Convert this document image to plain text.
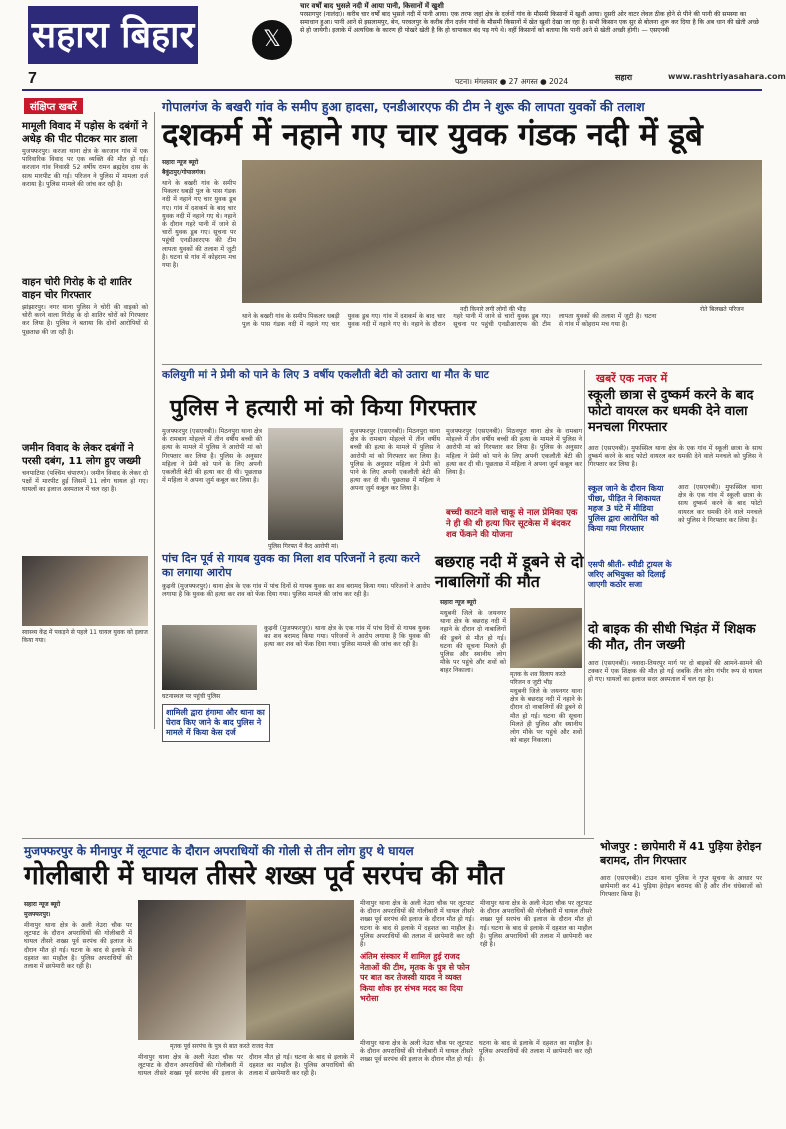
सहारा बिहार
7
𝕏
चार वर्षों बाद भुसले नदी में आया पानी, किसानों में खुशी
परसागपुर (नालंदा)। करीब चार वर्षों बाद भुसले नदी में पानी आया। एक तरफ जहां क्षेत्र के दर्जनों गांव के मौसमी किसानों में खुशी आया। दूसरी ओर वाटर लेवल ठीक होने से पीने की पानी की समस्या का समाधान हुआ। पानी आने से इसलामपुर, बेन, परवलपुर के करीब तीन दर्जन गांवों के मौसमी किसानों में खेत खुशी देखा जा रहा है। सभी किसान एक सुर से बोलना शुरू कर दिया है कि अब धान की खेती अच्छे से हो जायेगी। इलाके में अत्यधिक के कारण ही पोखरे खेती है कि हो चापाकल बंद पड़ गये थे। वहीं किसानों को बताया कि पानी आने से खेती अच्छी होगी। — एसएनबी
पटना। मंगलवार ● 27 अगस्त ● 2024	सहारा	www.rashtriyasahara.com
संक्षिप्त खबरें
मामूली विवाद में पड़ोस के दबंगों ने अधेड़ की पीट पीटकर मार डाला
मुजफ्फरपुर। करजा थाना क्षेत्र के करजान गांव में एक पारिवारिक विवाद पर एक व्यक्ति की मौत हो गई। करजान गांव निवासी 52 वर्षीय रामन ब्रह्मदेव दास के साथ मारपीट की गई। परिजन ने पुलिस में मामला दर्ज कराया है। पुलिस मामले की जांच कर रही है।
वाहन चोरी गिरोह के दो शातिर वाहन चोर गिरफ्तार
झांझारपुर। नगर थाना पुलिस ने चोरी की वाइको को चोरी करने वाला गिरोह के दो शातिर चोरों को गिरफ्तार कर लिया है। पुलिस ने बताया कि दोनों आरोपियों से पूछताछ की जा रही है।
जमीन विवाद के लेकर दबंगों ने परसी दबंग, 11 लोग हुए जख्मी
चनपाटिया (पश्चिम चंपारण)। जमीन विवाद के लेकर दो पक्षों में मारपीट हुई जिसमें 11 लोग घायल हो गए। घायलों का इलाज अस्पताल में चल रहा है।
स्वास्थ्य केंद्र में पकड़ने से पहले 11 घायल युवक को इलाज किया गया।
गोपालगंज के बखरी गांव के समीप हुआ हादसा, एनडीआरएफ की टीम ने शुरू की लापता युवकों की तलाश
दशकर्म में नहाने गए चार युवक गंडक नदी में डूबे
सहारा न्यूज ब्यूरो
बैकुंठपुर/गोपालगंज।
थाने के बखरी गांव के समीप पिकलर धबड़ी पुल के पास गंडक नदी में नहाने गए चार युवक डूब गए। गांव में दशकर्म के बाद चार युवक नदी में नहाने गए थे। नहाने के दौरान गहरे पानी में जाने से चारों युवक डूब गए। सूचना पर पहुंची एनडीआरएफ की टीम लापता युवकों की तलाश में जुटी है। घटना से गांव में कोहराम मच गया है।
नदी किनारे लगी लोगों की भीड़	रोते बिलखते परिजन
थाने के बखरी गांव के समीप पिकलर धबड़ी पुल के पास गंडक नदी में नहाने गए चार युवक डूब गए। गांव में दशकर्म के बाद चार युवक नदी में नहाने गए थे। नहाने के दौरान गहरे पानी में जाने से चारों युवक डूब गए। सूचना पर पहुंची एनडीआरएफ की टीम लापता युवकों की तलाश में जुटी है। घटना से गांव में कोहराम मच गया है।
कलियुगी मां ने प्रेमी को पाने के लिए 3 वर्षीय एकलौती बेटी को उतारा था मौत के घाट
पुलिस ने हत्यारी मां को किया गिरफ्तार
मुजफ्फरपुर (एसएनबी)। मिठनपुरा थाना क्षेत्र के रामबाग मोहल्ले में तीन वर्षीय बच्ची की हत्या के मामले में पुलिस ने आरोपी मां को गिरफ्तार कर लिया है। पुलिस के अनुसार महिला ने प्रेमी को पाने के लिए अपनी एकलौती बेटी की हत्या कर दी थी। पूछताछ में महिला ने अपना जुर्म कबूल कर लिया है।
पुलिस गिरफ्त में कैद आरोपी मां।
मुजफ्फरपुर (एसएनबी)। मिठनपुरा थाना क्षेत्र के रामबाग मोहल्ले में तीन वर्षीय बच्ची की हत्या के मामले में पुलिस ने आरोपी मां को गिरफ्तार कर लिया है। पुलिस के अनुसार महिला ने प्रेमी को पाने के लिए अपनी एकलौती बेटी की हत्या कर दी थी। पूछताछ में महिला ने अपना जुर्म कबूल कर लिया है।
मुजफ्फरपुर (एसएनबी)। मिठनपुरा थाना क्षेत्र के रामबाग मोहल्ले में तीन वर्षीय बच्ची की हत्या के मामले में पुलिस ने आरोपी मां को गिरफ्तार कर लिया है। पुलिस के अनुसार महिला ने प्रेमी को पाने के लिए अपनी एकलौती बेटी की हत्या कर दी थी। पूछताछ में महिला ने अपना जुर्म कबूल कर लिया है।
बच्ची काटने वाले चाकू से नाल प्रेमिका एक ने ही की थी हत्या फिर सूटकेस में बंदकर शव फेंकने की योजना
पांच दिन पूर्व से गायब युवक का मिला शव परिजनों ने हत्या करने का लगाया आरोप
कुढ़नी (मुजफ्फरपुर)। थाना क्षेत्र के एक गांव में पांच दिनों से गायब युवक का शव बरामद किया गया। परिजनों ने आरोप लगाया है कि युवक की हत्या कर शव को फेंक दिया गया। पुलिस मामले की जांच कर रही है।
घटनास्थल पर पहुंची पुलिस
कुढ़नी (मुजफ्फरपुर)। थाना क्षेत्र के एक गांव में पांच दिनों से गायब युवक का शव बरामद किया गया। परिजनों ने आरोप लगाया है कि युवक की हत्या कर शव को फेंक दिया गया। पुलिस मामले की जांच कर रही है।
शामिली द्वारा हंगामा और थाना का घेराव किए जाने के बाद पुलिस ने मामले में किया केस दर्ज
बछराह नदी में डूबने से दो नाबालिगों की मौत
सहारा न्यूज ब्यूरो
मधुबनी जिले के जयनगर थाना क्षेत्र के बछराह नदी में नहाने के दौरान दो नाबालिगों की डूबने से मौत हो गई। घटना की सूचना मिलते ही पुलिस और स्थानीय लोग मौके पर पहुंचे और शवों को बाहर निकाला।
मृतक के शव विलाप करते परिजन व जुटी भीड़
मधुबनी जिले के जयनगर थाना क्षेत्र के बछराह नदी में नहाने के दौरान दो नाबालिगों की डूबने से मौत हो गई। घटना की सूचना मिलते ही पुलिस और स्थानीय लोग मौके पर पहुंचे और शवों को बाहर निकाला।
खबरें एक नजर में
स्कूली छात्रा से दुष्कर्म करने के बाद फोटो वायरल कर धमकी देने वाला मनचला गिरफ्तार
आरा (एसएनबी)। मुफस्सिल थाना क्षेत्र के एक गांव में स्कूली छात्रा के साथ दुष्कर्म करने के बाद फोटो वायरल कर धमकी देने वाले मनचले को पुलिस ने गिरफ्तार कर लिया है।
स्कूल जाने के दौरान किया पीछा, पीड़ित ने शिकायत महज 3 घंटे में मीडिया पुलिस द्वारा आरोपित को किया गया गिरफ्तार
एसपी श्रीती- स्पीडी ट्रायल के जरिए अभियुक्त को दिलाई जाएगी कठोर सजा
आरा (एसएनबी)। मुफस्सिल थाना क्षेत्र के एक गांव में स्कूली छात्रा के साथ दुष्कर्म करने के बाद फोटो वायरल कर धमकी देने वाले मनचले को पुलिस ने गिरफ्तार कर लिया है।
दो बाइक की सीधी भिड़ंत में शिक्षक की मौत, तीन जख्मी
आरा (एसएनबी)। नवादा-तियरपुर मार्ग पर दो बाइकों की आमने-सामने की टक्कर में एक शिक्षक की मौत हो गई जबकि तीन लोग गंभीर रूप से घायल हो गए। घायलों का इलाज सदर अस्पताल में चल रहा है।
भोजपुर : छापेमारी में 41 पुड़िया हेरोइन बरामद, तीन गिरफ्तार
आरा (एसएनबी)। टाउन थाना पुलिस ने गुप्त सूचना के आधार पर छापेमारी कर 41 पुड़िया हेरोइन बरामद की है और तीन धंधेबाजों को गिरफ्तार किया है।
मुजफ्फरपुर के मीनापुर में लूटपाट के दौरान अपराधियों की गोली से तीन लोग हुए थे घायल
गोलीबारी में घायल तीसरे शख्स पूर्व सरपंच की मौत
सहारा न्यूज ब्यूरो
मुजफ्फरपुर।
मीनापुर थाना क्षेत्र के अली नेउरा चौक पर लूटपाट के दौरान अपराधियों की गोलीबारी में घायल तीसरे शख्स पूर्व सरपंच की इलाज के दौरान मौत हो गई। घटना के बाद से इलाके में दहशत का माहौल है। पुलिस अपराधियों की तलाश में छापेमारी कर रही है।
मृतक पूर्व सरपंच के पुत्र से बात करते राजद नेता
मीनापुर थाना क्षेत्र के अली नेउरा चौक पर लूटपाट के दौरान अपराधियों की गोलीबारी में घायल तीसरे शख्स पूर्व सरपंच की इलाज के दौरान मौत हो गई। घटना के बाद से इलाके में दहशत का माहौल है। पुलिस अपराधियों की तलाश में छापेमारी कर रही है।
मीनापुर थाना क्षेत्र के अली नेउरा चौक पर लूटपाट के दौरान अपराधियों की गोलीबारी में घायल तीसरे शख्स पूर्व सरपंच की इलाज के दौरान मौत हो गई। घटना के बाद से इलाके में दहशत का माहौल है। पुलिस अपराधियों की तलाश में छापेमारी कर रही है।
अंतिम संस्कार में शामिल हुई राजद नेताओं की टीम, मृतक के पुत्र से फोन पर बात कर तेजस्वी यादव ने व्यक्त किया शोक हर संभव मदद का दिया भरोसा
मीनापुर थाना क्षेत्र के अली नेउरा चौक पर लूटपाट के दौरान अपराधियों की गोलीबारी में घायल तीसरे शख्स पूर्व सरपंच की इलाज के दौरान मौत हो गई। घटना के बाद से इलाके में दहशत का माहौल है। पुलिस अपराधियों की तलाश में छापेमारी कर रही है।
मीनापुर थाना क्षेत्र के अली नेउरा चौक पर लूटपाट के दौरान अपराधियों की गोलीबारी में घायल तीसरे शख्स पूर्व सरपंच की इलाज के दौरान मौत हो गई। घटना के बाद से इलाके में दहशत का माहौल है। पुलिस अपराधियों की तलाश में छापेमारी कर रही है।
